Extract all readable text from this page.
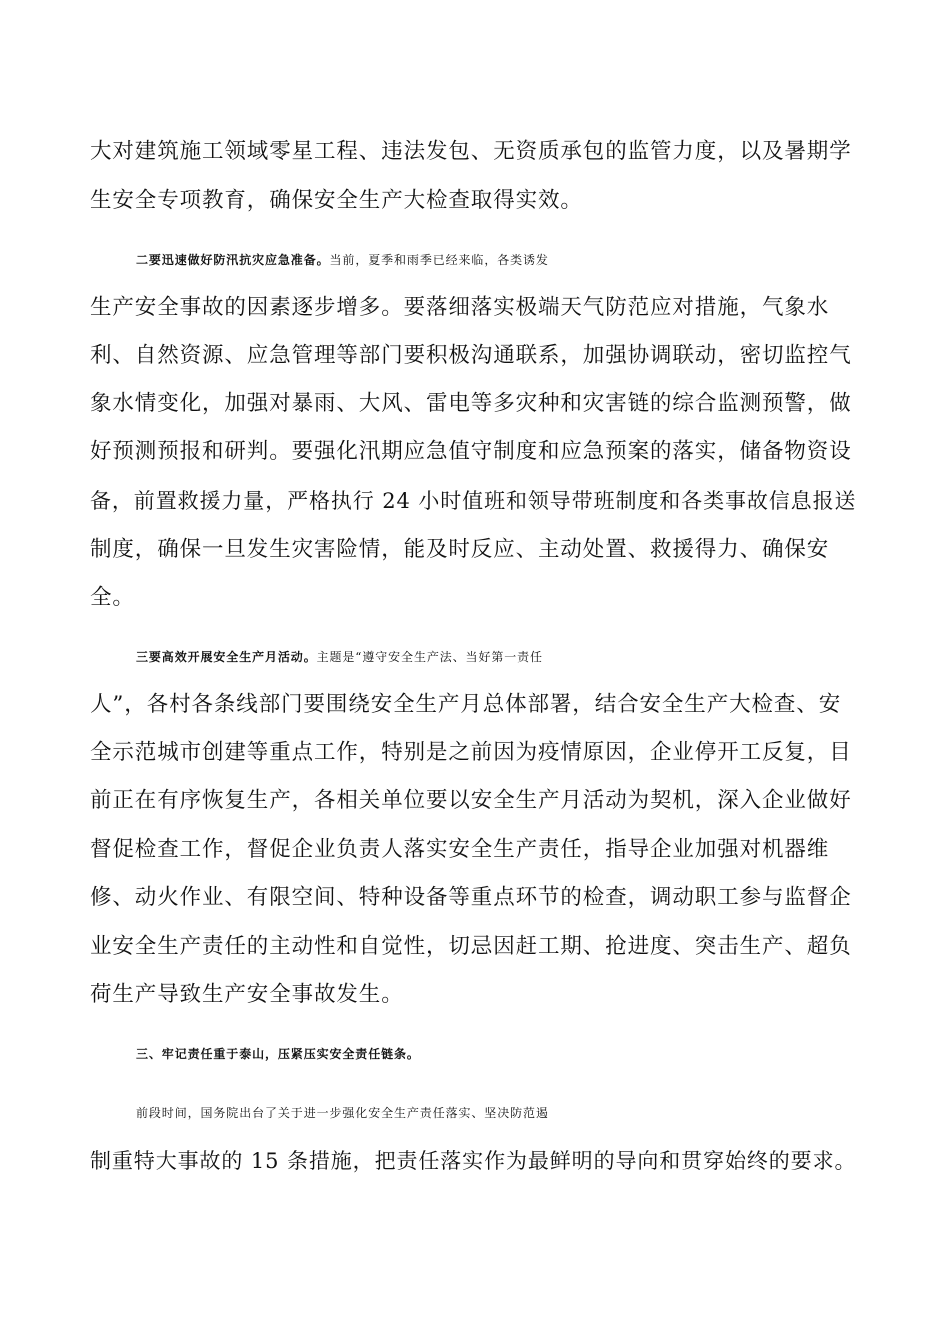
大对建筑施工领域零星工程、违法发包、无资质承包的监管力度，以及暑期学
生安全专项教育，确保安全生产大检查取得实效。
二要迅速做好防汛抗灾应急准备。当前，夏季和雨季已经来临，各类诱发
生产安全事故的因素逐步增多。要落细落实极端天气防范应对措施，气象水
利、自然资源、应急管理等部门要积极沟通联系，加强协调联动，密切监控气
象水情变化，加强对暴雨、大风、雷电等多灾种和灾害链的综合监测预警，做
好预测预报和研判。要强化汛期应急值守制度和应急预案的落实，储备物资设
备，前置救援力量，严格执行 24 小时值班和领导带班制度和各类事故信息报送
制度，确保一旦发生灾害险情，能及时反应、主动处置、救援得力、确保安
全。
三要高效开展安全生产月活动。主题是“遵守安全生产法、当好第一责任
人”，各村各条线部门要围绕安全生产月总体部署，结合安全生产大检查、安
全示范城市创建等重点工作，特别是之前因为疫情原因，企业停开工反复，目
前正在有序恢复生产，各相关单位要以安全生产月活动为契机，深入企业做好
督促检查工作，督促企业负责人落实安全生产责任，指导企业加强对机器维
修、动火作业、有限空间、特种设备等重点环节的检查，调动职工参与监督企
业安全生产责任的主动性和自觉性，切忌因赶工期、抢进度、突击生产、超负
荷生产导致生产安全事故发生。
三、牢记责任重于泰山，压紧压实安全责任链条。
前段时间，国务院出台了关于进一步强化安全生产责任落实、坚决防范遏
制重特大事故的 15 条措施，把责任落实作为最鲜明的导向和贯穿始终的要求。
